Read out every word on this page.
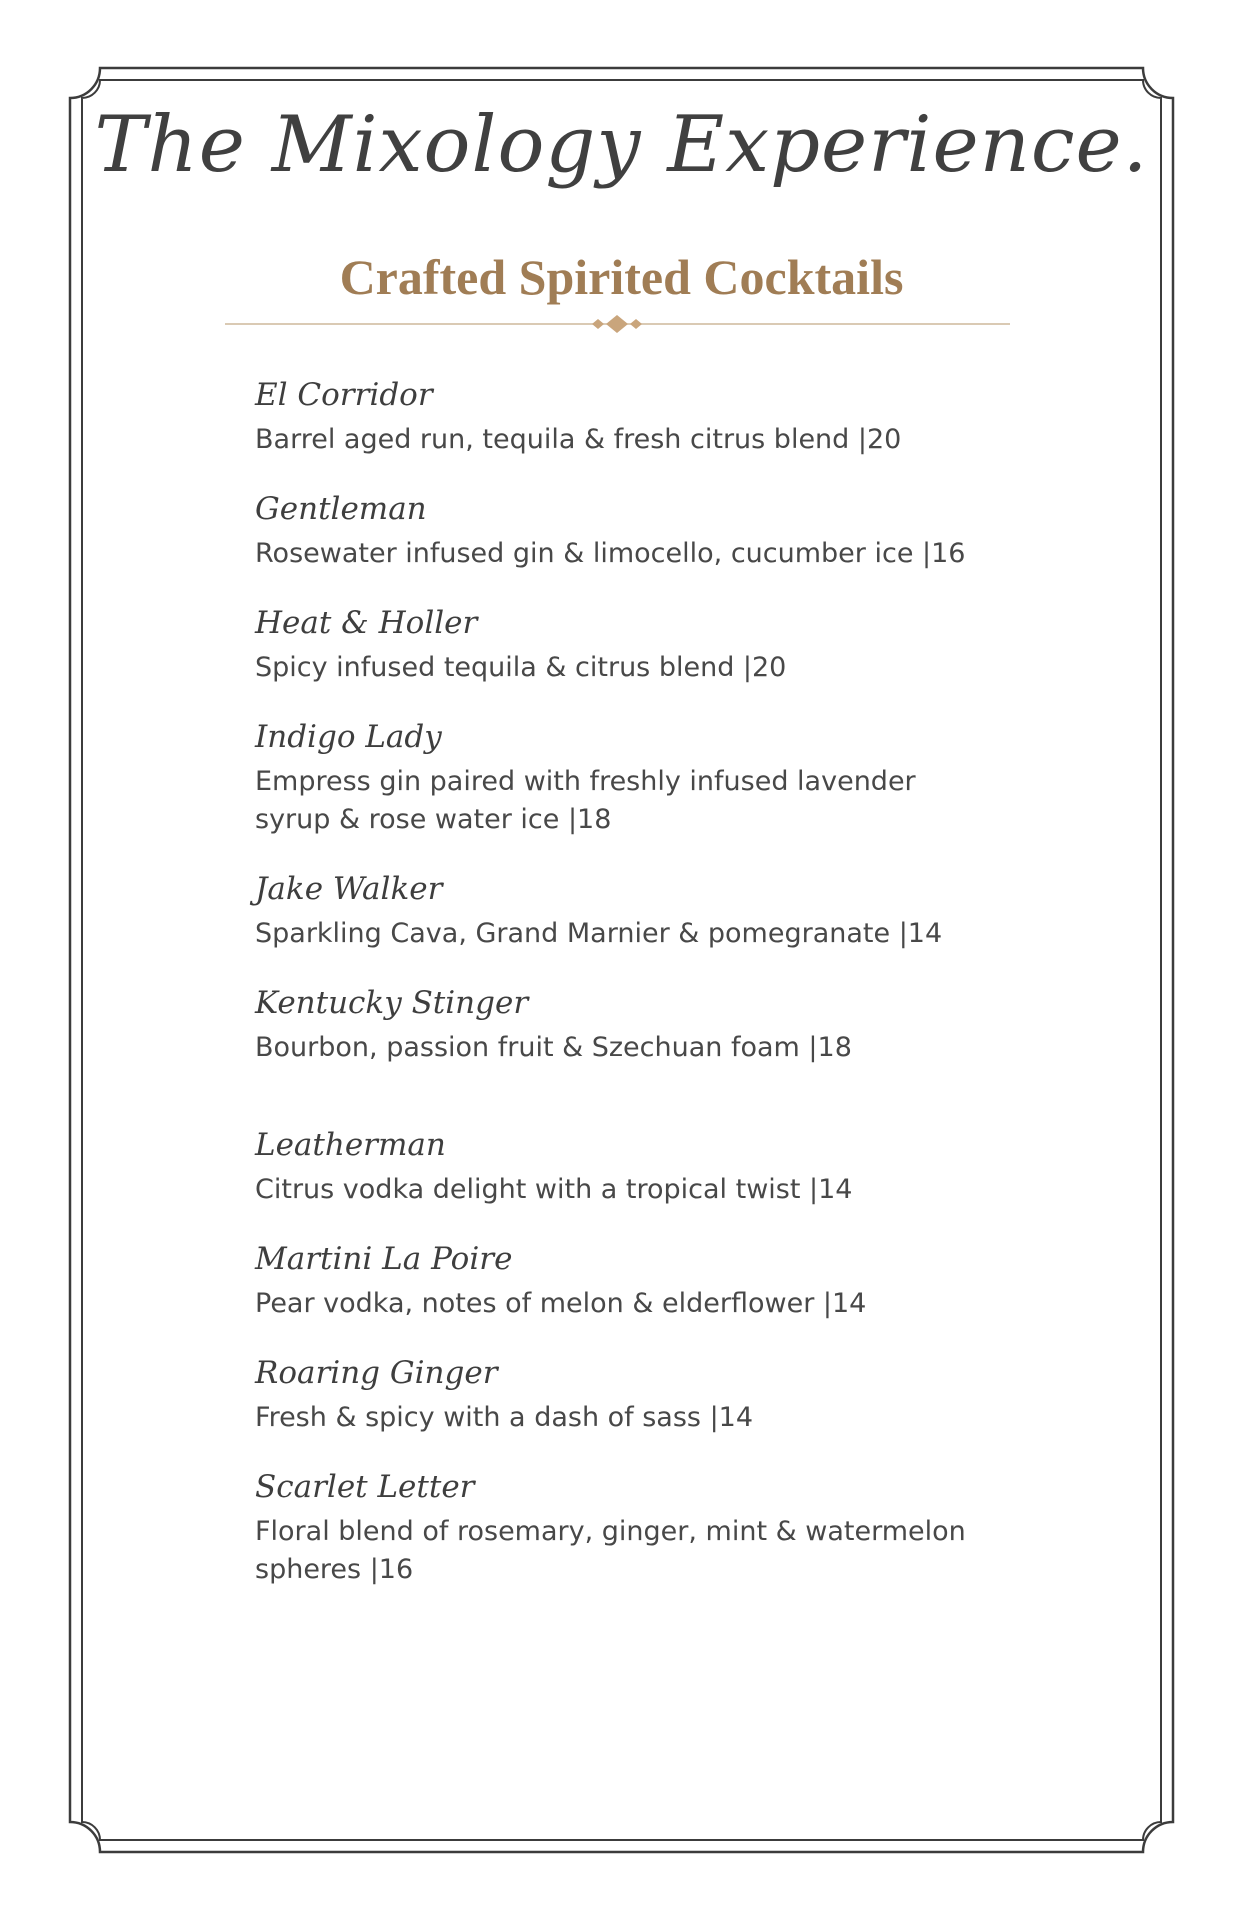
The Mixology Experience.
Crafted Spirited Cocktails
El Corridor
Barrel aged run, tequila & fresh citrus blend |20
Gentleman
Rosewater infused gin & limocello, cucumber ice |16
Heat & Holler
Spicy infused tequila & citrus blend |20
Indigo Lady
Empress gin paired with freshly infused lavender syrup & rose water ice |18
Jake Walker
Sparkling Cava, Grand Marnier & pomegranate |14
Kentucky Stinger
Bourbon, passion fruit & Szechuan foam |18
Leatherman
Citrus vodka delight with a tropical twist |14
Martini La Poire
Pear vodka, notes of melon & elderflower |14
Roaring Ginger
Fresh & spicy with a dash of sass |14
Scarlet Letter
Floral blend of rosemary, ginger, mint & watermelon spheres |16
